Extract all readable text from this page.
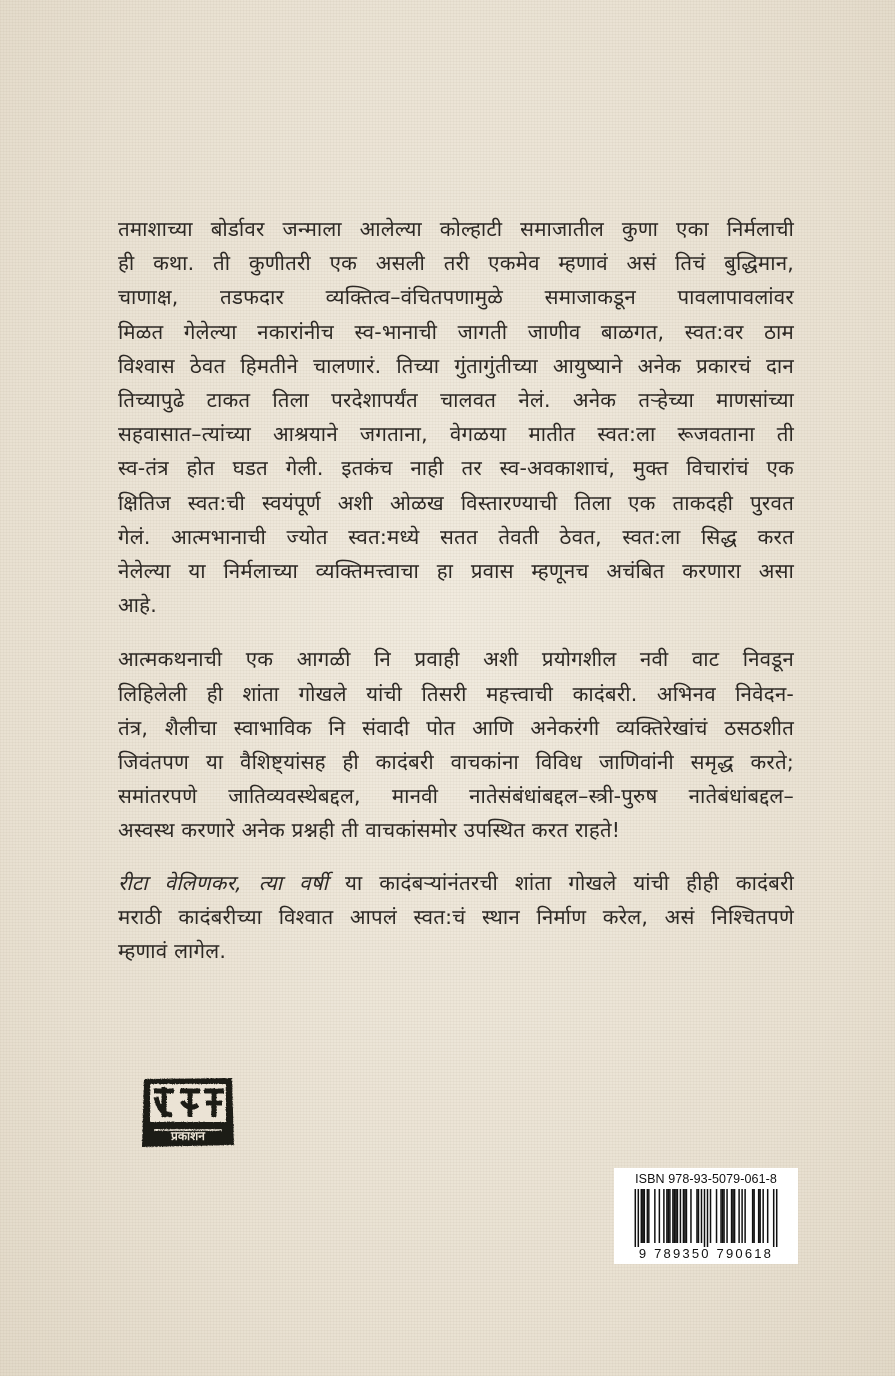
तमाशाच्या बोर्डावर जन्माला आलेल्या कोल्हाटी समाजातील कुणा एका निर्मलाची
ही कथा. ती कुणीतरी एक असली तरी एकमेव म्हणावं असं तिचं बुद्धिमान,
चाणाक्ष, तडफदार व्यक्तित्व–वंचितपणामुळे समाजाकडून पावलापावलांवर
मिळत गेलेल्या नकारांनीच स्व-भानाची जागती जाणीव बाळगत, स्वत:वर ठाम
विश्वास ठेवत हिमतीने चालणारं. तिच्या गुंतागुंतीच्या आयुष्याने अनेक प्रकारचं दान
तिच्यापुढे टाकत तिला परदेशापर्यंत चालवत नेलं. अनेक तऱ्हेच्या माणसांच्या
सहवासात–त्यांच्या आश्रयाने जगताना, वेगळया मातीत स्वत:ला रूजवताना ती
स्व-तंत्र होत घडत गेली. इतकंच नाही तर स्व-अवकाशाचं, मुक्त विचारांचं एक
क्षितिज स्वत:ची स्वयंपूर्ण अशी ओळख विस्तारण्याची तिला एक ताकदही पुरवत
गेलं. आत्मभानाची ज्योत स्वत:मध्ये सतत तेवती ठेवत, स्वत:ला सिद्ध करत
नेलेल्या या निर्मलाच्या व्यक्तिमत्त्वाचा हा प्रवास म्हणूनच अचंबित करणारा असा
आहे.

आत्मकथनाची एक आगळी नि प्रवाही अशी प्रयोगशील नवी वाट निवडून
लिहिलेली ही शांता गोखले यांची तिसरी महत्त्वाची कादंबरी. अभिनव निवेदन-
तंत्र, शैलीचा स्वाभाविक नि संवादी पोत आणि अनेकरंगी व्यक्तिरेखांचं ठसठशीत
जिवंतपण या वैशिष्ट्यांसह ही कादंबरी वाचकांना विविध जाणिवांनी समृद्ध करते;
समांतरपणे जातिव्यवस्थेबद्दल, मानवी नातेसंबंधांबद्दल–स्त्री-पुरुष नातेबंधांबद्दल–
अस्वस्थ करणारे अनेक प्रश्नही ती वाचकांसमोर उपस्थित करत राहते!

रीटा वेलिणकर, त्या वर्षी या कादंबऱ्यांनंतरची शांता गोखले यांची हीही कादंबरी
मराठी कादंबरीच्या विश्वात आपलं स्वत:चं स्थान निर्माण करेल, असं निश्चितपणे
म्हणावं लागेल.

प्रकाशन
ISBN 978-93-5079-061-8
9 789350 790618
